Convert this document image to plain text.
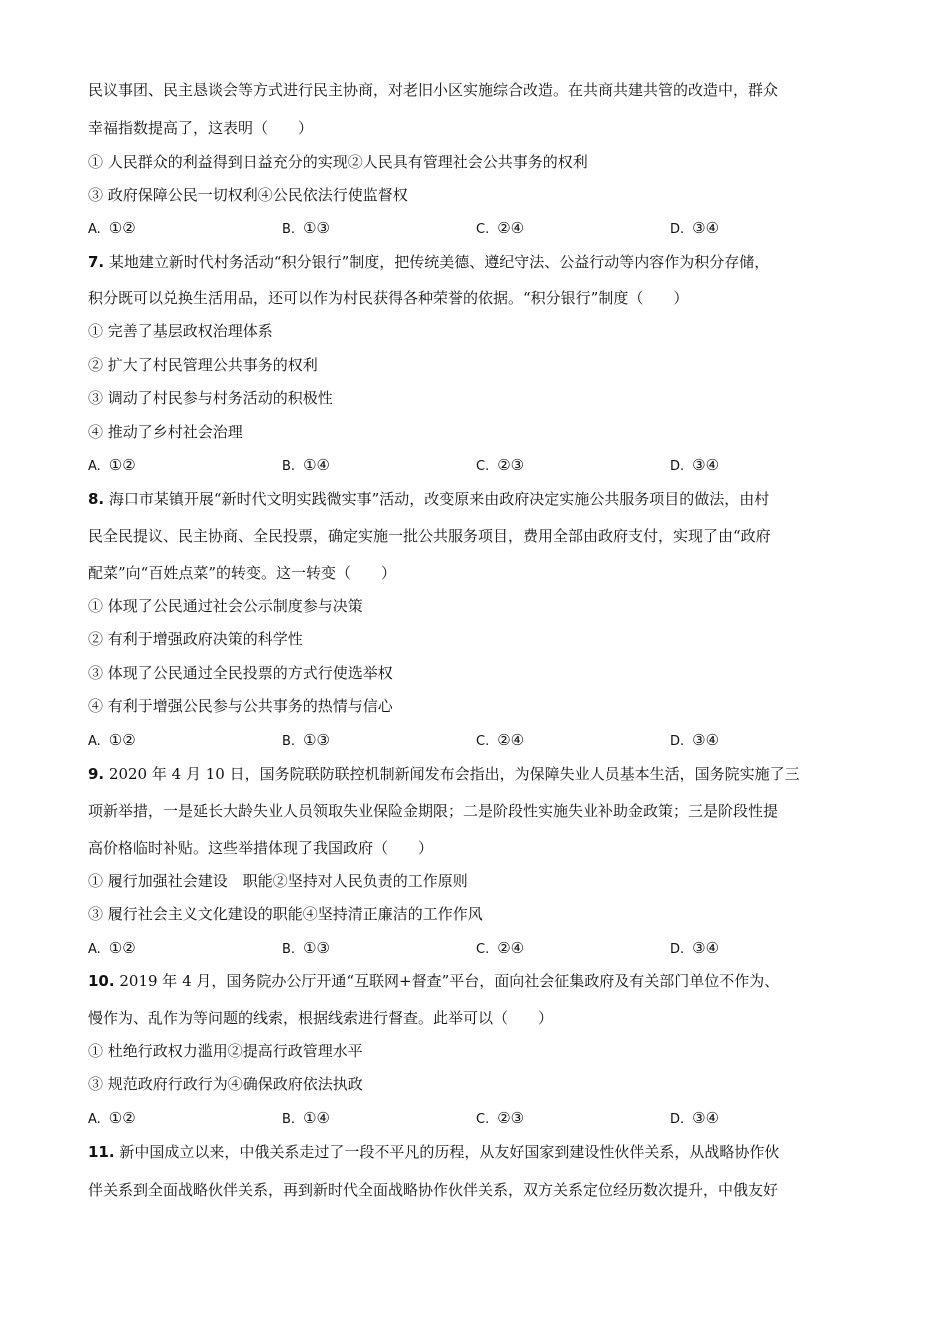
民议事团、民主恳谈会等方式进行民主协商，对老旧小区实施综合改造。在共商共建共管的改造中，群众
幸福指数提高了，这表明（　　）
① 人民群众的利益得到日益充分的实现②人民具有管理社会公共事务的权利
③ 政府保障公民一切权利④公民依法行使监督权
A. ①②	B. ①③	C. ②④	D. ③④
7. 某地建立新时代村务活动“积分银行”制度，把传统美德、遵纪守法、公益行动等内容作为积分存储，
积分既可以兑换生活用品，还可以作为村民获得各种荣誉的依据。“积分银行”制度（　　）
① 完善了基层政权治理体系
② 扩大了村民管理公共事务的权利
③ 调动了村民参与村务活动的积极性
④ 推动了乡村社会治理
A. ①②	B. ①④	C. ②③	D. ③④
8. 海口市某镇开展“新时代文明实践微实事”活动，改变原来由政府决定实施公共服务项目的做法，由村
民全民提议、民主协商、全民投票，确定实施一批公共服务项目，费用全部由政府支付，实现了由“政府
配菜”向“百姓点菜”的转变。这一转变（　　）
① 体现了公民通过社会公示制度参与决策
② 有利于增强政府决策的科学性
③ 体现了公民通过全民投票的方式行使选举权
④ 有利于增强公民参与公共事务的热情与信心
A. ①②	B. ①③	C. ②④	D. ③④
9. 2020 年 4 月 10 日，国务院联防联控机制新闻发布会指出，为保障失业人员基本生活，国务院实施了三
项新举措，一是延长大龄失业人员领取失业保险金期限；二是阶段性实施失业补助金政策；三是阶段性提
高价格临时补贴。这些举措体现了我国政府（　　）
① 履行加强社会建设　职能②坚持对人民负责的工作原则
③ 履行社会主义文化建设的职能④坚持清正廉洁的工作作风
A. ①②	B. ①③	C. ②④	D. ③④
10. 2019 年 4 月，国务院办公厅开通“互联网+督查”平台，面向社会征集政府及有关部门单位不作为、
慢作为、乱作为等问题的线索，根据线索进行督查。此举可以（　　）
① 杜绝行政权力滥用②提高行政管理水平
③ 规范政府行政行为④确保政府依法执政
A. ①②	B. ①④	C. ②③	D. ③④
11. 新中国成立以来，中俄关系走过了一段不平凡的历程，从友好国家到建设性伙伴关系，从战略协作伙
伴关系到全面战略伙伴关系，再到新时代全面战略协作伙伴关系，双方关系定位经历数次提升，中俄友好
